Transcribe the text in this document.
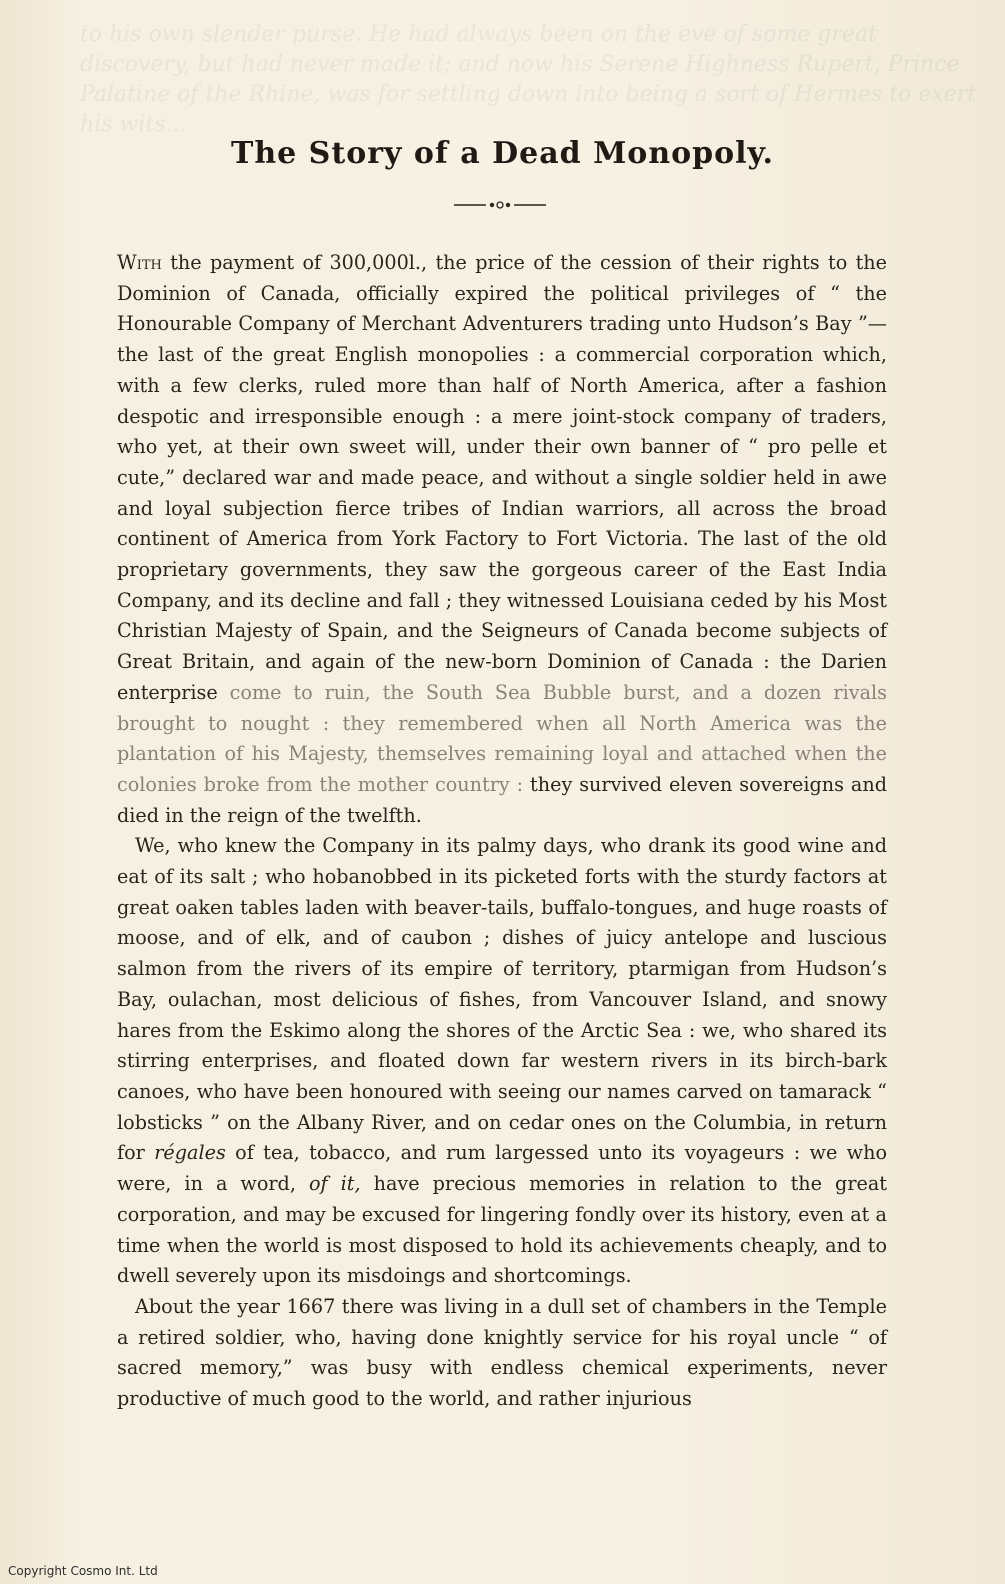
to his own slender purse. He had always been on the eve of some great discovery, but had never made it; and now his Serene Highness Rupert, Prince Palatine of the Rhine, was for settling down into being a sort of Hermes to exert his wits...
The Story of a Dead Monopoly.

With the payment of 300,000l., the price of the cession of their rights to the Dominion of Canada, officially expired the political privileges of “ the Honourable Company of Merchant Adventurers trading unto Hudson’s Bay ”—the last of the great English monopolies : a commercial corporation which, with a few clerks, ruled more than half of North America, after a fashion despotic and irresponsible enough : a mere joint-stock company of traders, who yet, at their own sweet will, under their own banner of “ pro pelle et cute,” declared war and made peace, and without a single soldier held in awe and loyal subjection fierce tribes of Indian warriors, all across the broad continent of America from York Factory to Fort Victoria. The last of the old proprietary governments, they saw the gorgeous career of the East India Company, and its decline and fall ; they witnessed Louisiana ceded by his Most Christian Majesty of Spain, and the Seigneurs of Canada become subjects of Great Britain, and again of the new-born Dominion of Canada : the Darien enterprise come to ruin, the South Sea Bubble burst, and a dozen rivals brought to nought : they remembered when all North America was the plantation of his Majesty, themselves remaining loyal and attached when the colonies broke from the mother country : they survived eleven sovereigns and died in the reign of the twelfth.

We, who knew the Company in its palmy days, who drank its good wine and eat of its salt ; who hobanobbed in its picketed forts with the sturdy factors at great oaken tables laden with beaver-tails, buffalo-tongues, and huge roasts of moose, and of elk, and of caubon ; dishes of juicy antelope and luscious salmon from the rivers of its empire of territory, ptarmigan from Hudson’s Bay, oulachan, most delicious of fishes, from Vancouver Island, and snowy hares from the Eskimo along the shores of the Arctic Sea : we, who shared its stirring enterprises, and floated down far western rivers in its birch-bark canoes, who have been honoured with seeing our names carved on tamarack “ lobsticks ” on the Albany River, and on cedar ones on the Columbia, in return for régales of tea, tobacco, and rum largessed unto its voyageurs : we who were, in a word, of it, have precious memories in relation to the great corporation, and may be excused for lingering fondly over its history, even at a time when the world is most disposed to hold its achievements cheaply, and to dwell severely upon its misdoings and shortcomings.

About the year 1667 there was living in a dull set of chambers in the Temple a retired soldier, who, having done knightly service for his royal uncle “ of sacred memory,” was busy with endless chemical experiments, never productive of much good to the world, and rather injurious

Copyright Cosmo Int. Ltd
